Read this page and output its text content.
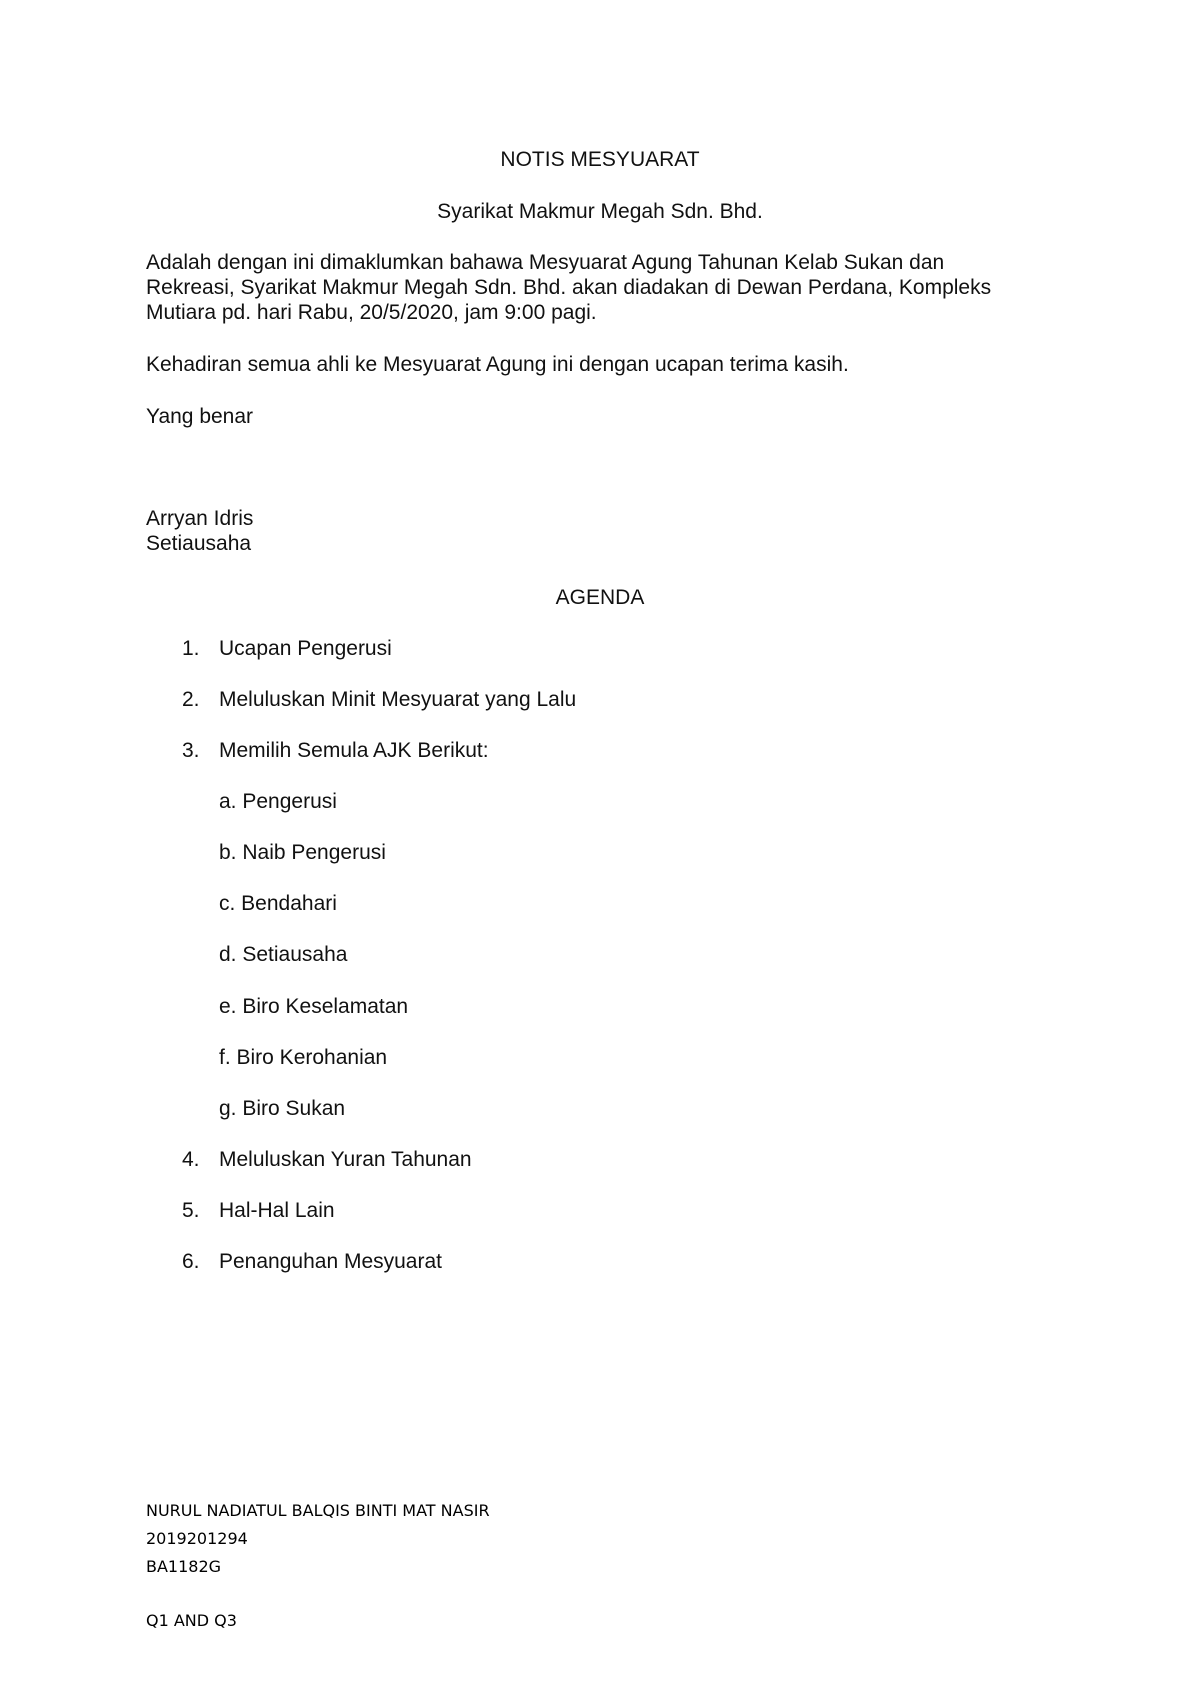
NOTIS MESYUARAT
Syarikat Makmur Megah Sdn. Bhd.
Adalah dengan ini dimaklumkan bahawa Mesyuarat Agung Tahunan Kelab Sukan dan
Rekreasi, Syarikat Makmur Megah Sdn. Bhd. akan diadakan di Dewan Perdana, Kompleks
Mutiara pd. hari Rabu, 20/5/2020, jam 9:00 pagi.
Kehadiran semua ahli ke Mesyuarat Agung ini dengan ucapan terima kasih.
Yang benar
Arryan Idris
Setiausaha
AGENDA
1. Ucapan Pengerusi
2. Meluluskan Minit Mesyuarat yang Lalu
3. Memilih Semula AJK Berikut:
a. Pengerusi
b. Naib Pengerusi
c. Bendahari
d. Setiausaha
e. Biro Keselamatan
f. Biro Kerohanian
g. Biro Sukan
4. Meluluskan Yuran Tahunan
5. Hal-Hal Lain
6. Penanguhan Mesyuarat
NURUL NADIATUL BALQIS BINTI MAT NASIR
2019201294
BA1182G
Q1 AND Q3
